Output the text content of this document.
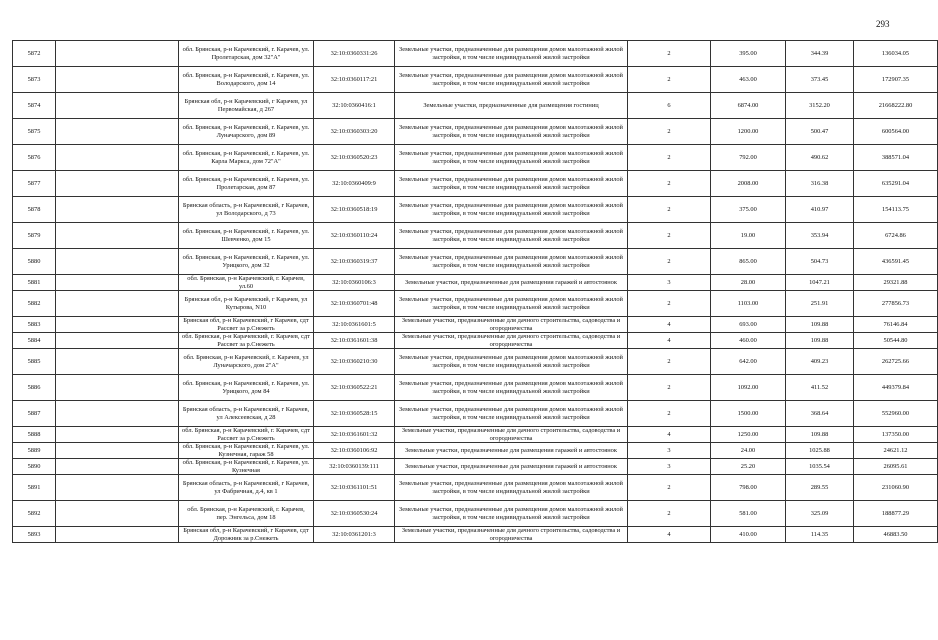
293
5872		обл. Брянская, р-н Карачевский, г. Карачев, ул. Пролетарская, дом 32"А"	32:10:0360331:26	Земельные участки, предназначенные для размещения домов малоэтажной жилой застройки, в том числе индивидуальной жилой застройки	2	395.00	344.39	136034.05
5873		обл. Брянская, р-н Карачевский, г. Карачев, ул. Володарского, дом 14	32:10:0360117:21	Земельные участки, предназначенные для размещения домов малоэтажной жилой застройки, в том числе индивидуальной жилой застройки	2	463.00	373.45	172907.35
5874		Брянская обл, р-н Карачевский, г Карачев, ул Первомайская, д 267	32:10:0360416:1	Земельные участки, предназначенные для размещения гостиниц	6	6874.00	3152.20	21668222.80
5875		обл. Брянская, р-н Карачевский, г. Карачев, ул. Луначарского, дом 89	32:10:0360303:20	Земельные участки, предназначенные для размещения домов малоэтажной жилой застройки, в том числе индивидуальной жилой застройки	2	1200.00	500.47	600564.00
5876		обл. Брянская, р-н Карачевский, г. Карачев, ул. Карла Маркса, дом 72"А"	32:10:0360520:23	Земельные участки, предназначенные для размещения домов малоэтажной жилой застройки, в том числе индивидуальной жилой застройки	2	792.00	490.62	388571.04
5877		обл. Брянская, р-н Карачевский, г. Карачев, ул. Пролетарская, дом 87	32:10:0360409:9	Земельные участки, предназначенные для размещения домов малоэтажной жилой застройки, в том числе индивидуальной жилой застройки	2	2008.00	316.38	635291.04
5878		Брянская область, р-н Карачевский, г Карачев, ул Володарского, д 73	32:10:0360518:19	Земельные участки, предназначенные для размещения домов малоэтажной жилой застройки, в том числе индивидуальной жилой застройки	2	375.00	410.97	154113.75
5879		обл. Брянская, р-н Карачевский, г. Карачев, ул. Шевченко, дом 15	32:10:0360110:24	Земельные участки, предназначенные для размещения домов малоэтажной жилой застройки, в том числе индивидуальной жилой застройки	2	19.00	353.94	6724.86
5880		обл. Брянская, р-н Карачевский, г. Карачев, ул. Урицкого, дом 32	32:10:0360319:37	Земельные участки, предназначенные для размещения домов малоэтажной жилой застройки, в том числе индивидуальной жилой застройки	2	865.00	504.73	436591.45
5881		обл. Брянская, р-н Карачевский, г. Карачев, ул.60	32:10:0360106:3	Земельные участки, предназначенные для размещения гаражей и автостоянок	3	28.00	1047.21	29321.88
5882		Брянская обл, р-н Карачевский, г Карачев, ул Кутырова, N10	32:10:0360701:48	Земельные участки, предназначенные для размещения домов малоэтажной жилой застройки, в том числе индивидуальной жилой застройки	2	1103.00	251.91	277856.73
5883		Брянская обл, р-н Карачевский, г Карачев, сдт Рассвет за р.Снежеть	32:10:0361601:5	Земельные участки, предназначенные для дачного строительства, садоводства и огородничества	4	693.00	109.88	76146.84
5884		обл. Брянская, р-н Карачевский, г. Карачев, сдт Рассвет за р.Снежеть	32:10:0361601:38	Земельные участки, предназначенные для дачного строительства, садоводства и огородничества	4	460.00	109.88	50544.80
5885		обл. Брянская, р-н Карачевский, г. Карачев, ул Луначарского, дом 2"А"	32:10:0360210:30	Земельные участки, предназначенные для размещения домов малоэтажной жилой застройки, в том числе индивидуальной жилой застройки	2	642.00	409.23	262725.66
5886		обл. Брянская, р-н Карачевский, г. Карачев, ул. Урицкого, дом 84	32:10:0360522:21	Земельные участки, предназначенные для размещения домов малоэтажной жилой застройки, в том числе индивидуальной жилой застройки	2	1092.00	411.52	449379.84
5887		Брянская область, р-н Карачевский, г Карачев, ул Алексеевская, д 28	32:10:0360528:15	Земельные участки, предназначенные для размещения домов малоэтажной жилой застройки, в том числе индивидуальной жилой застройки	2	1500.00	368.64	552960.00
5888		обл. Брянская, р-н Карачевский, г. Карачев, сдт Рассвет за р.Снежеть	32:10:0361601:32	Земельные участки, предназначенные для дачного строительства, садоводства и огородничества	4	1250.00	109.88	137350.00
5889		обл. Брянская, р-н Карачевский, г. Карачев, ул. Кузнечная, гараж 58	32:10:0360106:92	Земельные участки, предназначенные для размещения гаражей и автостоянок	3	24.00	1025.88	24621.12
5890		обл. Брянская, р-н Карачевский, г. Карачев, ул. Кузнечная	32:10:0360139:111	Земельные участки, предназначенные для размещения гаражей и автостоянок	3	25.20	1035.54	26095.61
5891		Брянская область, р-н Карачевский, г Карачев, ул Фабричная, д.4, кв 1	32:10:0361101:51	Земельные участки, предназначенные для размещения домов малоэтажной жилой застройки, в том числе индивидуальной жилой застройки	2	798.00	289.55	231060.90
5892		обл. Брянская, р-н Карачевский, г. Карачев, пер. Энгельса, дом 18	32:10:0360530:24	Земельные участки, предназначенные для размещения домов малоэтажной жилой застройки, в том числе индивидуальной жилой застройки	2	581.00	325.09	188877.29
5893		Брянская обл, р-н Карачевский, г Карачев, сдт Дорожник за р.Снежеть	32:10:0361201:3	Земельные участки, предназначенные для дачного строительства, садоводства и огородничества	4	410.00	114.35	46883.50
